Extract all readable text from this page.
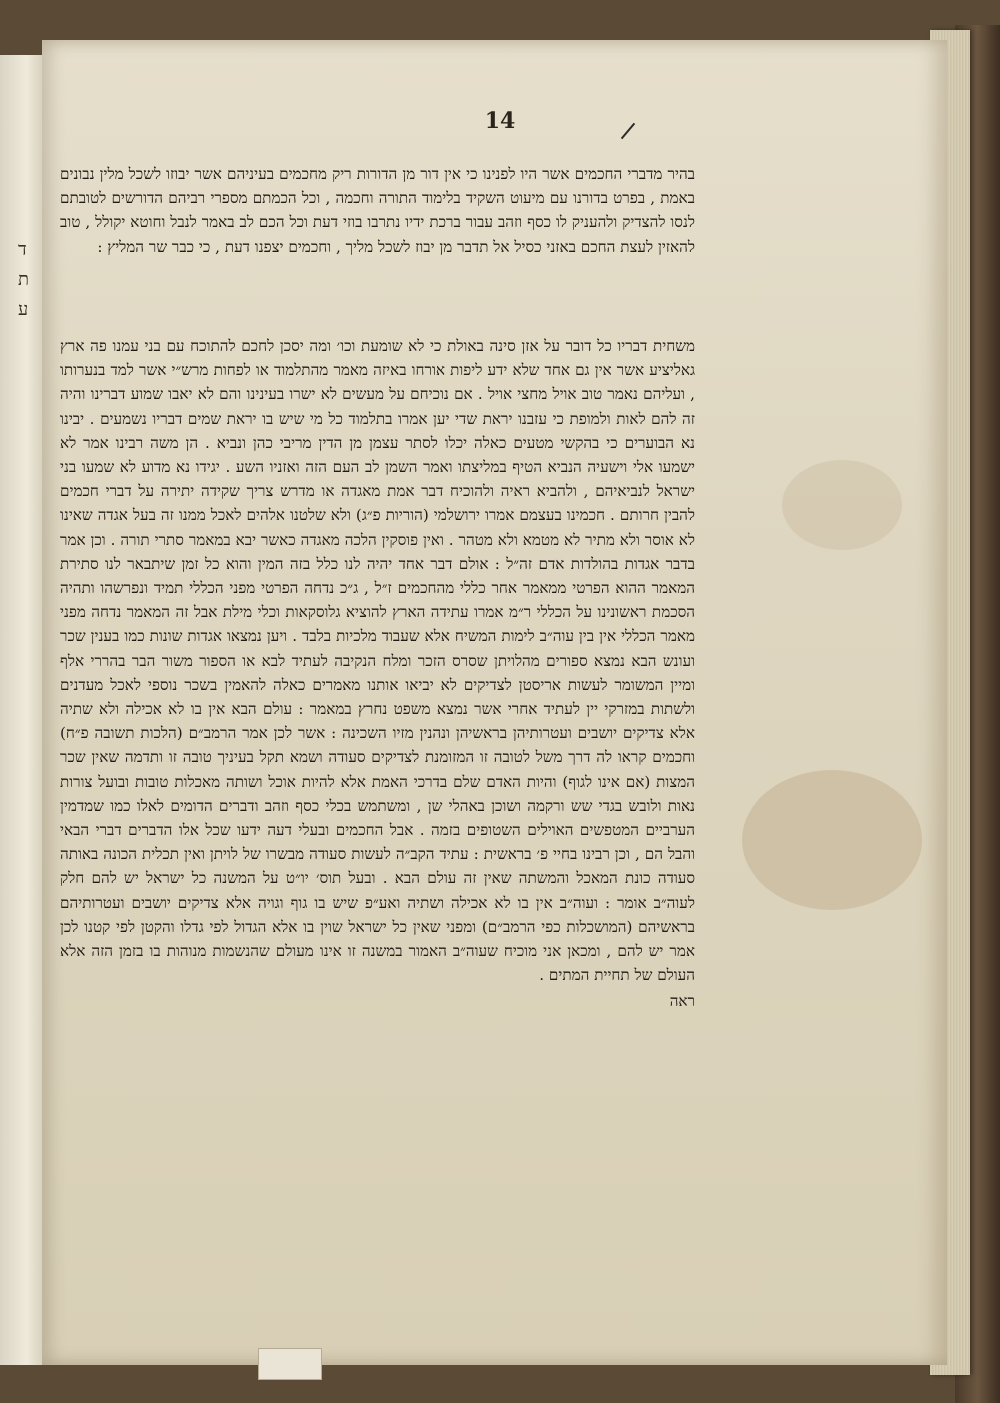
ד
ת
ע
14

בהיר מדברי החכמים אשר היו לפנינו כי אין דור מן הדורות ריק מחכמים בעיניהם אשר יבוזו לשכל מלין נבונים באמת , בפרט בדורנו עם מיעוט השקיד בלימוד התורה וחכמה , וכל הכמתם מספרי רביהם הדורשים לטובתם לנסו להצדיק ולהעניק לו כסף וזהב עבור ברכת ידיו נתרבו בוזי דעת וכל הכם לב באמר לנבל וחוטא יקולל , טוב להאזין לעצת החכם באזני כסיל אל תדבר מן יבוז לשכל מליך , וחכמים יצפנו דעת , כי כבר שר המליץ :

משחית דבריו כל דובר על אזן סינה באולת כי לא שומעת וכו׳ ומה יסכן לחכם להתוכח עם בני עמנו פה ארץ גאליציע אשר אין גם אחד שלא ידע ליפות אורחו באיזה מאמר מהתלמוד או לפחות מרש״י אשר למד בנערותו , ועליהם נאמר טוב אויל מחצי אויל . אם נוכיחם על מעשים לא ישרו בעינינו והם לא יאבו שמוע דברינו והיה זה להם לאות ולמופת כי עזבנו יראת שדי יען אמרו בתלמוד כל מי שיש בו יראת שמים דבריו נשמעים . יבינו נא הבוערים כי בהקשי מטעים כאלה יכלו לסתר עצמן מן הדין מריבי כהן ונביא . הן משה רבינו אמר לא ישמעו אלי וישעיה הנביא הטיף במליצתו ואמר השמן לב העם הזה ואזניו השע . יגידו נא מדוע לא שמעו בני ישראל לנביאיהם , ולהביא ראיה ולהוכיח דבר אמת מאגדה או מדרש צריך שקידה יתירה על דברי חכמים להבין חרותם . חכמינו בעצמם אמרו ירושלמי (הוריות פ״ג) ולא שלטנו אלהים לאכל ממנו זה בעל אגדה שאינו לא אוסר ולא מתיר לא מטמא ולא מטהר . ואין פוסקין הלכה מאגדה כאשר יבא במאמר סתרי תורה . וכן אמר בדבר אגדות בהולדות אדם זה״ל : אולם דבר אחד יהיה לנו כלל בזה המין והוא כל זמן שיתבאר לנו סתירת המאמר ההוא הפרטי ממאמר אחר כללי מהחכמים ז״ל , ג״כ נדחה הפרטי מפני הכללי תמיד ונפרשהו ותהיה הסכמת ראשונינו על הכללי ר״מ אמרו עתידה הארץ להוציא גלוסקאות וכלי מילת אבל זה המאמר נדחה מפני מאמר הכללי אין בין עוה״ב לימות המשיח אלא שעבוד מלכיות בלבד . ויען נמצאו אגדות שונות כמו בענין שכר ועונש הבא נמצא ספורים מהלויתן שסרס הזכר ומלח הנקיבה לעתיד לבא או הספור משור הבר בהררי אלף ומיין המשומר לעשות אריסטן לצדיקים לא יביאו אותנו מאמרים כאלה להאמין בשכר נוספי לאכל מעדנים ולשתות במזרקי יין לעתיד אחרי אשר נמצא משפט נחרץ במאמר : עולם הבא אין בו לא אכילה ולא שתיה אלא צדיקים יושבים ועטרותיהן בראשיהן ונהנין מזיו השכינה : אשר לכן אמר הרמב״ם (הלכות תשובה פ״ח) וחכמים קראו לה דרך משל לטובה זו המזומנת לצדיקים סעודה ושמא תקל בעיניך טובה זו ותדמה שאין שכר המצות (אם אינו לגוף) והיות האדם שלם בדרכי האמת אלא להיות אוכל ושותה מאכלות טובות ובועל צורות נאות ולובש בגדי שש ורקמה ושוכן באהלי שן , ומשתמש בכלי כסף וזהב ודברים הדומים לאלו כמו שמדמין הערביים המטפשים האוילים השטופים בזמה . אבל החכמים ובעלי דעה ידעו שכל אלו הדברים דברי הבאי והבל הם , וכן רבינו בחיי פ׳ בראשית : עתיד הקב״ה לעשות סעודה מבשרו של לויתן ואין תכלית הכונה באותה סעודה כונת המאכל והמשתה שאין זה עולם הבא . ובעל תוס׳ יו״ט על המשנה כל ישראל יש להם חלק לעוה״ב אומר : ועוה״ב אין בו לא אכילה ושתיה ואע״פ שיש בו גוף וגויה אלא צדיקים יושבים ועטרותיהם בראשיהם (המושכלות כפי הרמב״ם) ומפני שאין כל ישראל שוין בו אלא הגדול לפי גדלו והקטן לפי קטנו לכן אמר יש להם , ומכאן אני מוכיח שעוה״ב האמור במשנה זו אינו מעולם שהנשמות מנוהות בו בזמן הזה אלא העולם של תחיית המתים .

ראה
